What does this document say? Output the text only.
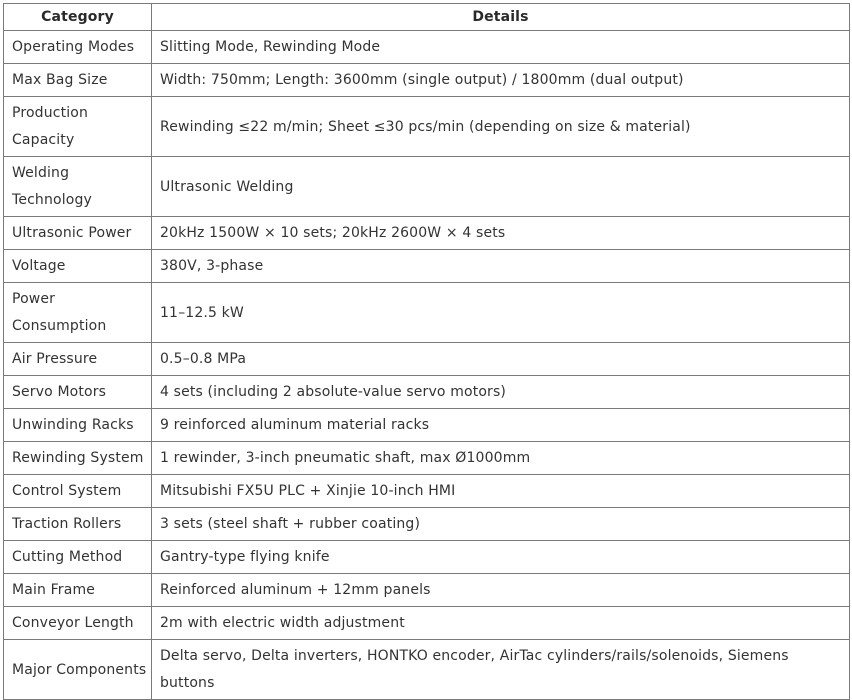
Category	Details
Operating Modes	Slitting Mode, Rewinding Mode
Max Bag Size	Width: 750mm; Length: 3600mm (single output) / 1800mm (dual output)
Production Capacity	Rewinding ≤22 m/min; Sheet ≤30 pcs/min (depending on size & material)
Welding Technology	Ultrasonic Welding
Ultrasonic Power	20kHz 1500W × 10 sets; 20kHz 2600W × 4 sets
Voltage	380V, 3-phase
Power Consumption	11–12.5 kW
Air Pressure	0.5–0.8 MPa
Servo Motors	4 sets (including 2 absolute-value servo motors)
Unwinding Racks	9 reinforced aluminum material racks
Rewinding System	1 rewinder, 3-inch pneumatic shaft, max Ø1000mm
Control System	Mitsubishi FX5U PLC + Xinjie 10-inch HMI
Traction Rollers	3 sets (steel shaft + rubber coating)
Cutting Method	Gantry-type flying knife
Main Frame	Reinforced aluminum + 12mm panels
Conveyor Length	2m with electric width adjustment
Major Components	Delta servo, Delta inverters, HONTKO encoder, AirTac cylinders/rails/solenoids, Siemens buttons
